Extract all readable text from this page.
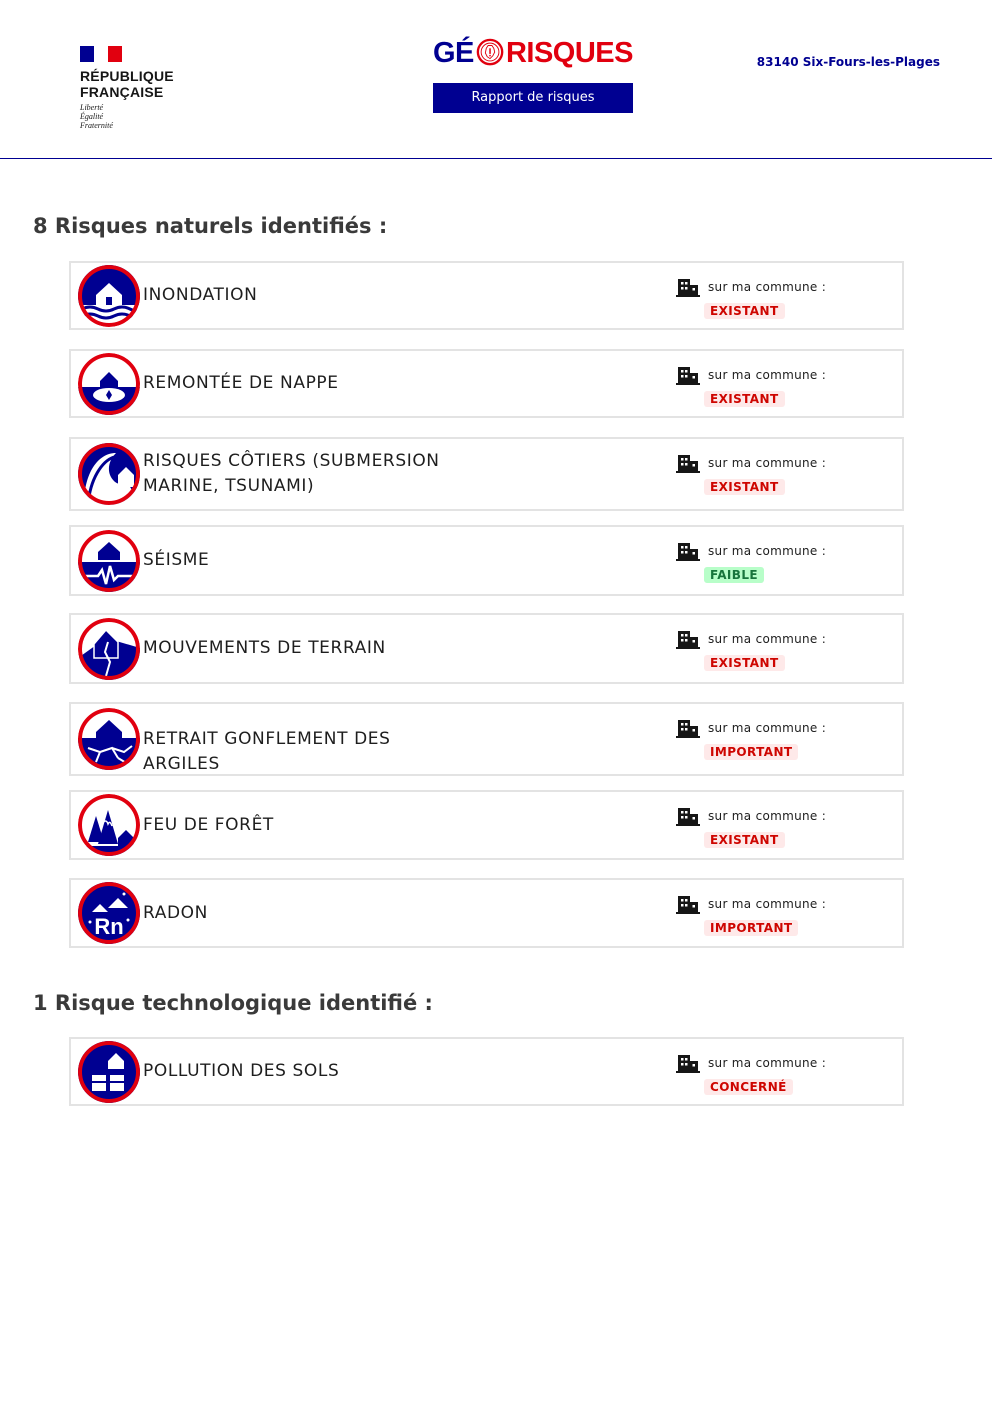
RÉPUBLIQUE
FRANÇAISE
Liberté
Égalité
Fraternité
GÉ RISQUES
Rapport de risques
83140 Six-Fours-les-Plages
8 Risques naturels identifiés :
1 Risque technologique identifié :
INONDATION	sur ma commune :
EXISTANT
REMONTÉE DE NAPPE	sur ma commune :
EXISTANT
RISQUES CÔTIERS (SUBMERSION MARINE, TSUNAMI)
sur ma commune :
EXISTANT
SÉISME	sur ma commune :
FAIBLE
MOUVEMENTS DE TERRAIN	sur ma commune :
EXISTANT
RETRAIT GONFLEMENT DES ARGILES
sur ma commune :
IMPORTANT
FEU DE FORÊT	sur ma commune :
EXISTANT
Rn
RADON	sur ma commune :
IMPORTANT
POLLUTION DES SOLS	sur ma commune :
CONCERNÉ
